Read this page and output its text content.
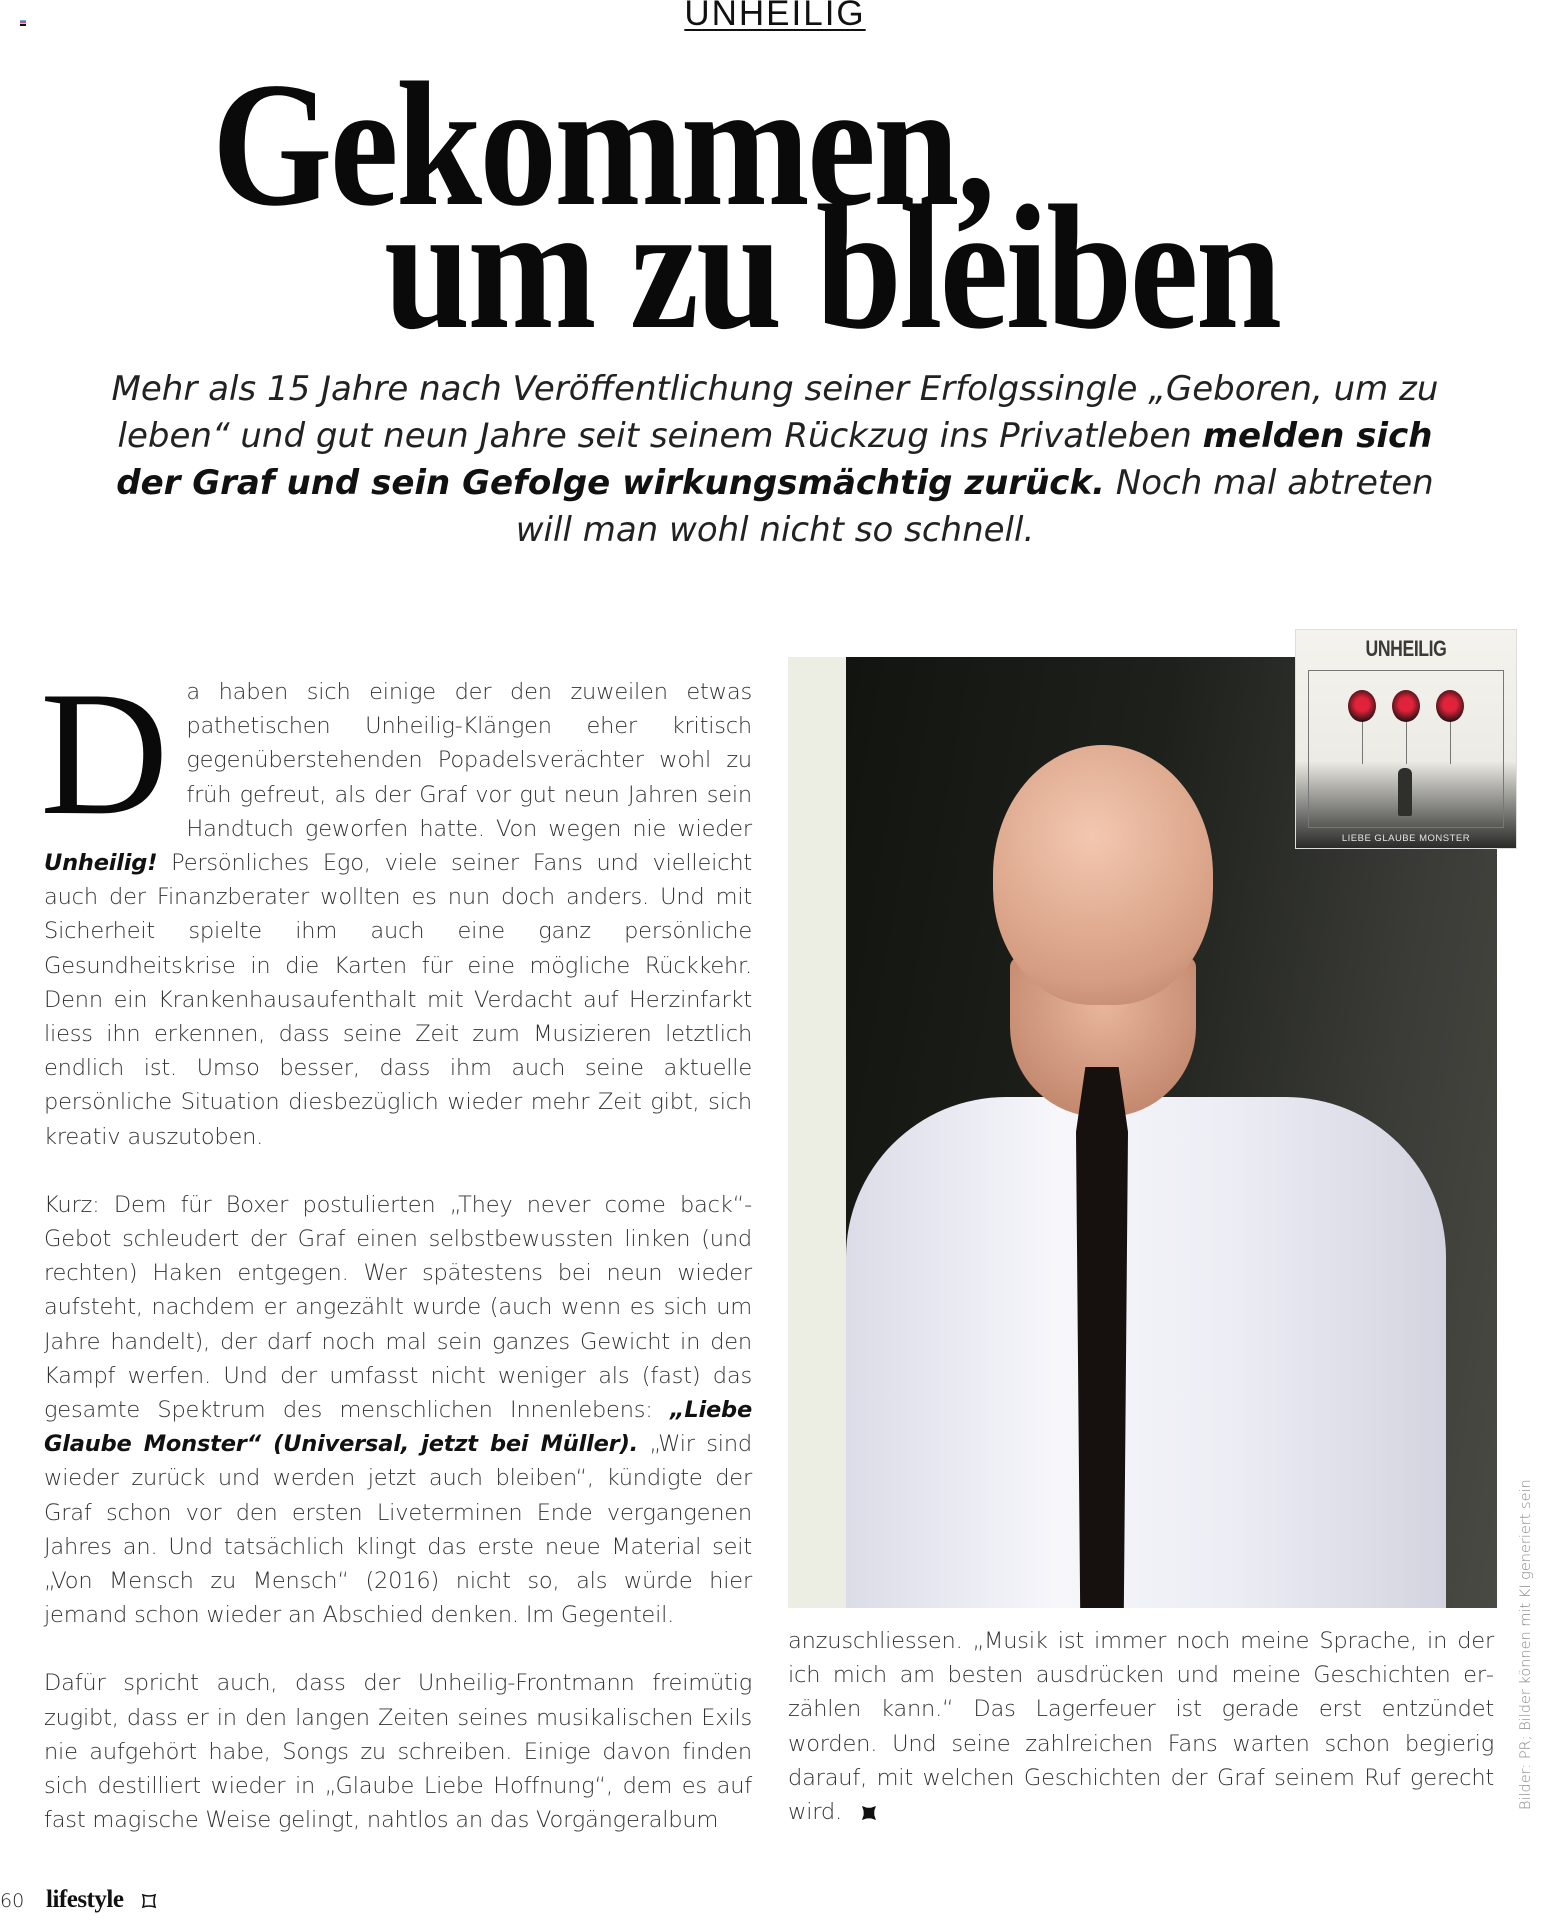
UNHEILIG
Gekommen,
um zu bleiben
Mehr als 15 Jahre nach Veröffentlichung seiner Erfolgssingle „Geboren, um zu leben“ und gut neun Jahre seit seinem Rückzug ins Privatleben melden sich der Graf und sein Gefolge wirkungsmächtig zurück. Noch mal abtreten will man wohl nicht so schnell.

Da haben sich einige der den zuweilen etwas pathetischen Unheilig-Klängen eher kritisch gegenüberstehenden Popadelsverächter wohl zu früh gefreut, als der Graf vor gut neun Jahren sein Handtuch geworfen hatte. Von wegen nie wieder Unheilig! Persönliches Ego, viele seiner Fans und vielleicht auch der Finanzberater wollten es nun doch anders. Und mit Sicherheit spielte ihm auch eine ganz persönliche Gesundheitskrise in die Karten für eine mögliche Rückkehr. Denn ein Krankenhausaufenthalt mit Verdacht auf Herzinfarkt liess ihn erkennen, dass seine Zeit zum Musizieren letztlich endlich ist. Umso besser, dass ihm auch seine aktuelle persönliche Situation diesbezüglich wieder mehr Zeit gibt, sich kreativ auszutoben.

Kurz: Dem für Boxer postulierten „They never come back“-Gebot schleudert der Graf einen selbstbewussten linken (und rechten) Haken entgegen. Wer spätestens bei neun wieder aufsteht, nachdem er angezählt wurde (auch wenn es sich um Jahre handelt), der darf noch mal sein ganzes Gewicht in den Kampf werfen. Und der umfasst nicht weniger als (fast) das gesamte Spektrum des menschlichen Innenlebens: „Liebe Glaube Monster“ (Universal, jetzt bei Müller). „Wir sind wieder zurück und werden jetzt auch bleiben“, kündigte der Graf schon vor den ersten Liveterminen Ende vergangenen Jahres an. Und tatsächlich klingt das erste neue Material seit „Von Mensch zu Mensch“ (2016) nicht so, als würde hier jemand schon wieder an Abschied denken. Im Gegenteil.

Dafür spricht auch, dass der Unheilig-Frontmann freimütig zugibt, dass er in den langen Zeiten seines musikalischen Exils nie aufgehört habe, Songs zu schreiben. Einige davon finden sich destilliert wieder in „Glaube Liebe Hoffnung“, dem es auf fast magische Weise gelingt, nahtlos an das Vorgängeralbum

UNHEILIG
LIEBE GLAUBE MONSTER

anzuschliessen. „Musik ist immer noch meine Sprache, in der ich mich am besten ausdrücken und meine Geschichten erzählen kann.“ Das Lagerfeuer ist gerade erst entzündet worden. Und seine zahlreichen Fans warten schon begierig darauf, mit welchen Geschichten der Graf seinem Ruf gerecht wird.

Bilder: PR; Bilder können mit KI generiert sein
60 lifestyle
